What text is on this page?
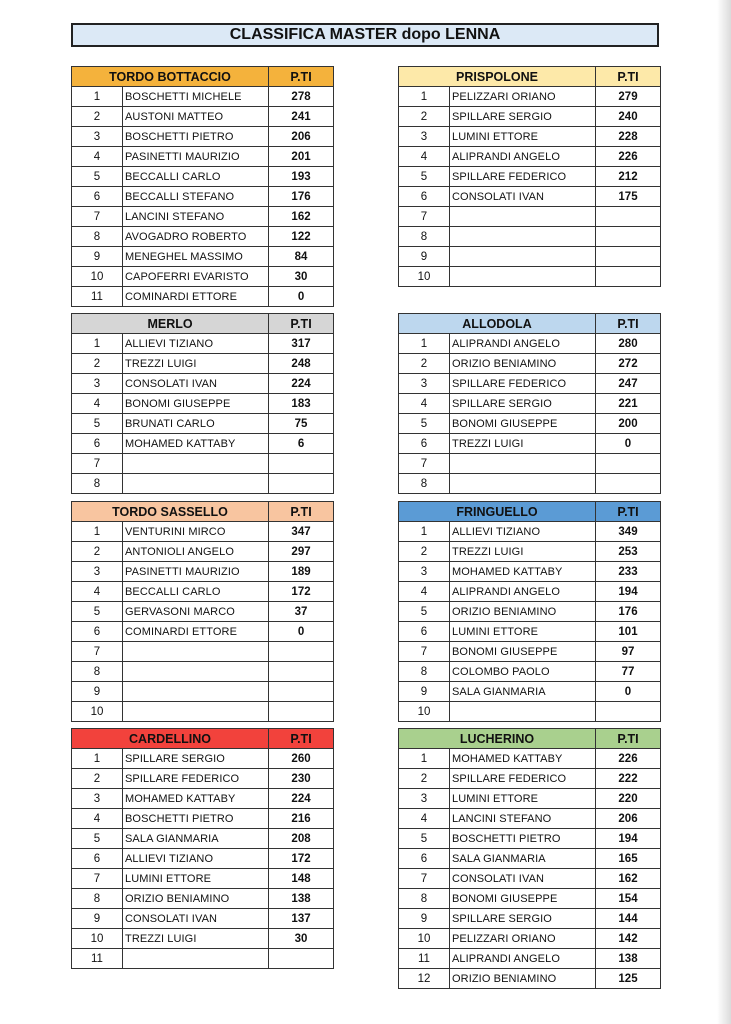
CLASSIFICA MASTER dopo LENNA
TORDO BOTTACCIO		P.TI
1	BOSCHETTI MICHELE	278
2	AUSTONI MATTEO	241
3	BOSCHETTI PIETRO	206
4	PASINETTI MAURIZIO	201
5	BECCALLI CARLO	193
6	BECCALLI STEFANO	176
7	LANCINI STEFANO	162
8	AVOGADRO ROBERTO	122
9	MENEGHEL MASSIMO	84
10	CAPOFERRI EVARISTO	30
11	COMINARDI ETTORE	0
PRISPOLONE		P.TI
1	PELIZZARI ORIANO	279
2	SPILLARE SERGIO	240
3	LUMINI ETTORE	228
4	ALIPRANDI ANGELO	226
5	SPILLARE FEDERICO	212
6	CONSOLATI IVAN	175
7		
8		
9		
10		
MERLO		P.TI
1	ALLIEVI TIZIANO	317
2	TREZZI LUIGI	248
3	CONSOLATI IVAN	224
4	BONOMI GIUSEPPE	183
5	BRUNATI CARLO	75
6	MOHAMED KATTABY	6
7		
8		
ALLODOLA		P.TI
1	ALIPRANDI ANGELO	280
2	ORIZIO BENIAMINO	272
3	SPILLARE FEDERICO	247
4	SPILLARE SERGIO	221
5	BONOMI GIUSEPPE	200
6	TREZZI LUIGI	0
7		
8		
TORDO SASSELLO		P.TI
1	VENTURINI MIRCO	347
2	ANTONIOLI ANGELO	297
3	PASINETTI MAURIZIO	189
4	BECCALLI CARLO	172
5	GERVASONI MARCO	37
6	COMINARDI ETTORE	0
7		
8		
9		
10		
FRINGUELLO		P.TI
1	ALLIEVI TIZIANO	349
2	TREZZI LUIGI	253
3	MOHAMED KATTABY	233
4	ALIPRANDI ANGELO	194
5	ORIZIO BENIAMINO	176
6	LUMINI ETTORE	101
7	BONOMI GIUSEPPE	97
8	COLOMBO PAOLO	77
9	SALA GIANMARIA	0
10		
CARDELLINO		P.TI
1	SPILLARE SERGIO	260
2	SPILLARE FEDERICO	230
3	MOHAMED KATTABY	224
4	BOSCHETTI PIETRO	216
5	SALA GIANMARIA	208
6	ALLIEVI TIZIANO	172
7	LUMINI ETTORE	148
8	ORIZIO BENIAMINO	138
9	CONSOLATI IVAN	137
10	TREZZI LUIGI	30
11		
LUCHERINO		P.TI
1	MOHAMED KATTABY	226
2	SPILLARE FEDERICO	222
3	LUMINI ETTORE	220
4	LANCINI STEFANO	206
5	BOSCHETTI PIETRO	194
6	SALA GIANMARIA	165
7	CONSOLATI IVAN	162
8	BONOMI GIUSEPPE	154
9	SPILLARE SERGIO	144
10	PELIZZARI ORIANO	142
11	ALIPRANDI ANGELO	138
12	ORIZIO BENIAMINO	125
